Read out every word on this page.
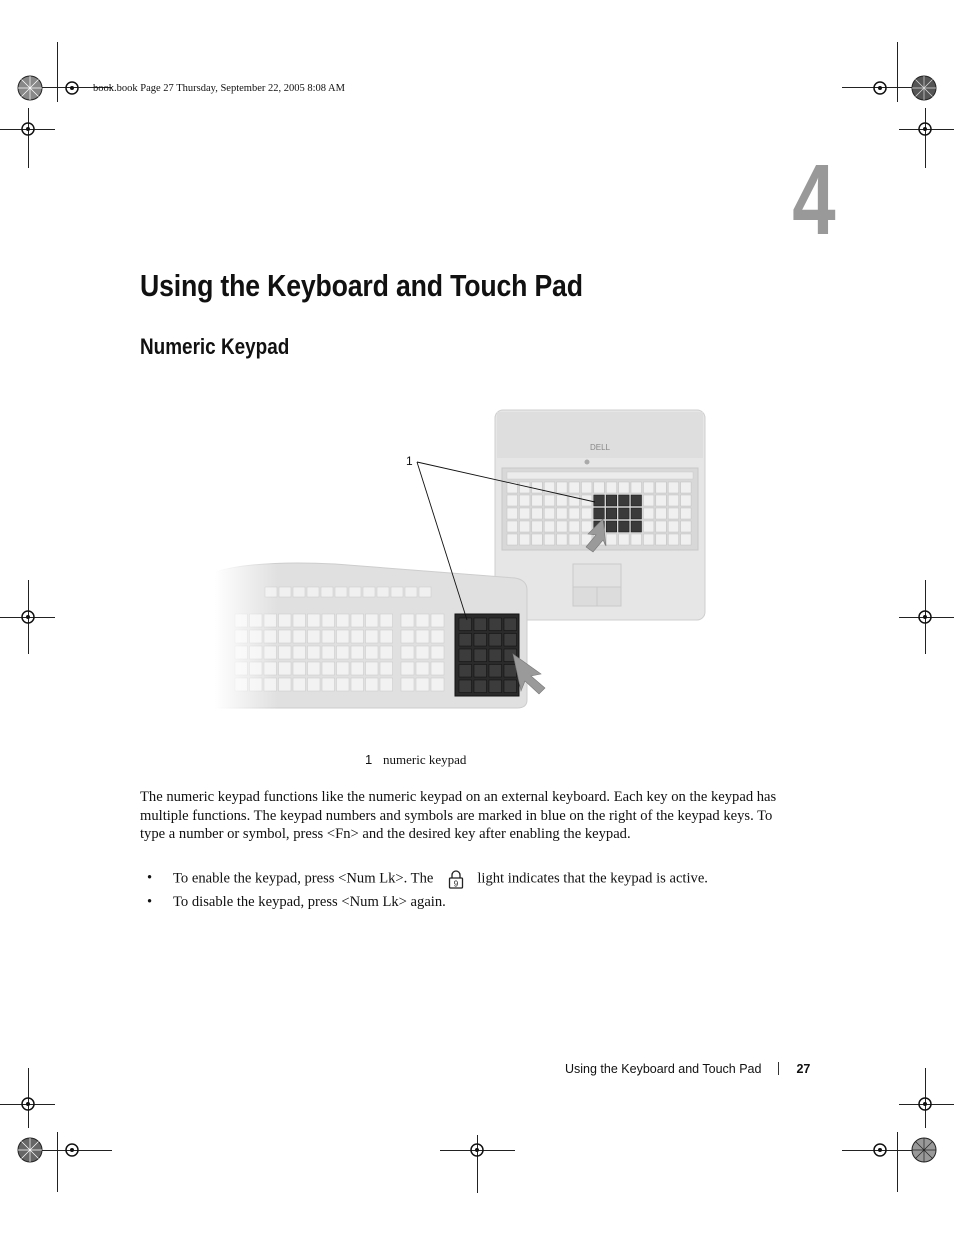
book.book Page 27 Thursday, September 22, 2005 8:08 AM
4
Using the Keyboard and Touch Pad
Numeric Keypad
DELL
1
1 numeric keypad
The numeric keypad functions like the numeric keypad on an external keyboard. Each key on the keypad has multiple functions. The keypad numbers and symbols are marked in blue on the right of the keypad keys. To type a number or symbol, press <Fn> and the desired key after enabling the keypad.
• To enable the keypad, press <Num Lk>. The	9 light indicates that the keypad is active.
• To disable the keypad, press <Num Lk> again.
Using the Keyboard and Touch Pad	27
